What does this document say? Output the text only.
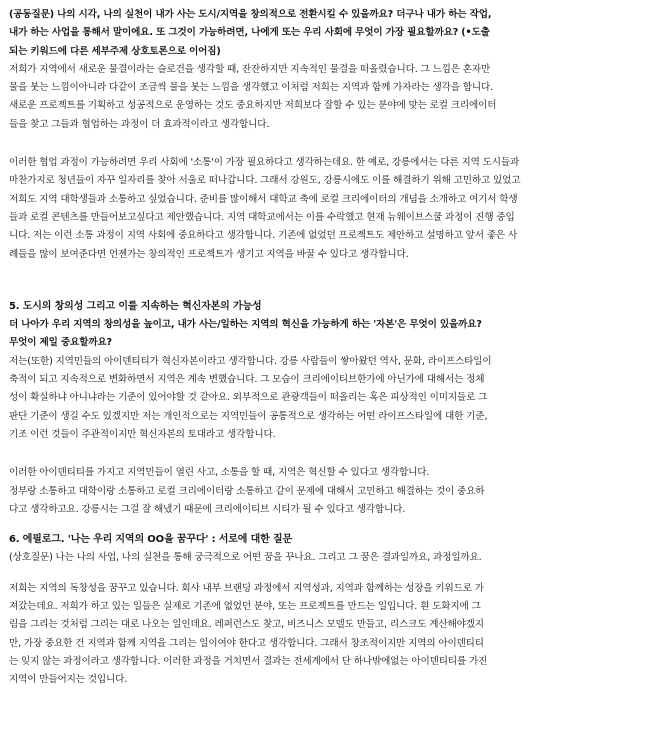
(공동질문) 나의 시각, 나의 실천이 내가 사는 도시/지역을 창의적으로 전환시킬 수 있을까요? 더구나 내가 하는 작업,
내가 하는 사업을 통해서 말이에요. 또 그것이 가능하려면, 나에게 또는 우리 사회에 무엇이 가장 필요할까요? (•도출
되는 키워드에 다른 세부주제 상호토론으로 이어짐)
저희가 지역에서 새로운 물결이라는 슬로건을 생각할 때, 잔잔하지만 지속적인 물결을 떠올렸습니다. 그 느낌은 혼자만
물을 붓는 느낌이아니라 다같이 조금씩 물을 붓는 느낌을 생각했고 이처럼 저희는 지역과 함께 가자라는 생각을 합니다.
새로운 프로젝트를 기획하고 성공적으로 운영하는 것도 중요하지만 저희보다 잘할 수 있는 분야에 맞는 로컬 크리에이터
들을 찾고 그들과 협업하는 과정이 더 효과적이라고 생각합니다.
이러한 협업 과정이 가능하려면 우리 사회에 '소통'이 가장 필요하다고 생각하는데요. 한 예로, 강릉에서는 다른 지역 도시들과
마찬가지로 청년들이 자꾸 일자리를 찾아 서울로 떠나갑니다. 그래서 강원도, 강릉시에도 이를 해결하기 위해 고민하고 있었고
저희도 지역 대학생들과 소통하고 싶었습니다. 준비를 많이해서 대학교 축에 로컬 크리에이터의 개념을 소개하고 여기서 학생
들과 로컬 콘텐츠를 만들어보고싶다고 제안했습니다. 지역 대학교에서는 이를 수락했고 현재 뉴웨이브스쿨 과정이 진행 중입
니다. 저는 이런 소통 과정이 지역 사회에 중요하다고 생각합니다. 기존에 없었던 프로젝트도 제안하고 설명하고 앞서 좋은 사
례들을 많이 보여준다면 언젠가는 창의적인 프로젝트가 생기고 지역을 바꿀 수 있다고 생각합니다.
5. 도시의 창의성 그리고 이를 지속하는 혁신자본의 가능성
더 나아가 우리 지역의 창의성을 높이고, 내가 사는/일하는 지역의 혁신을 가능하게 하는 '자본'은 무엇이 있을까요?
무엇이 제일 중요할까요?
저는(또한) 지역민들의 아이덴티티가 혁신자본이라고 생각합니다. 강릉 사람들이 쌓아왔던 역사, 문화, 라이프스타일이
축적이 되고 지속적으로 변화하면서 지역은 계속 변했습니다. 그 모습이 크리에이티브한가에 아닌가에 대해서는 정체
성이 확실하냐 아니냐라는 기준이 있어야할 것 같아요. 외부적으로 관광객들이 떠올리는 혹은 피상적인 이미지들로 그
판단 기준이 생길 수도 있겠지만 저는 개인적으로는 지역민들이 공통적으로 생각하는 어떤 라이프스타일에 대한 기준,
기조 이런 것들이 주관적이지만 혁신자본의 토대라고 생각합니다.
이러한 아이덴티티를 가지고 지역민들이 열린 사고, 소통을 할 때, 지역은 혁신할 수 있다고 생각합니다.
정부랑 소통하고 대학이랑 소통하고 로컬 크리에이터랑 소통하고 같이 문제에 대해서 고민하고 해결하는 것이 중요하
다고 생각하고요. 강릉시는 그걸 잘 해냈기 때문에 크리에이티브 시티가 될 수 있다고 생각합니다.
6. 에필로그. '나는 우리 지역의 OO을 꿈꾸다' : 서로에 대한 질문
(상호질문) 나는 나의 사업, 나의 실천을 통해 궁극적으로 어떤 꿈을 꾸나요. 그리고 그 꿈은 결과일까요, 과정일까요.
저희는 지역의 독창성을 꿈꾸고 있습니다. 회사 내부 브랜딩 과정에서 지역성과, 지역과 함께하는 성장을 키워드로 가
져갔는데요. 저희가 하고 있는 일들은 실제로 기존에 없었던 분야, 또는 프로젝트를 만드는 일입니다. 흰 도화지에 그
림을 그리는 것처럼 그리는 대로 나오는 일인데요. 레퍼런스도 찾고, 비즈니스 모델도 만들고, 리스크도 계산해야겠지
만, 가장 중요한 건 지역과 함께 지역을 그리는 일이여야 한다고 생각합니다. 그래서 창조적이지만 지역의 아이덴티티
는 잊지 않는 과정이라고 생각합니다. 이러한 과정을 거치면서 결과는 전세계에서 단 하나밖에없는 아이덴티티를 가진
지역이 만들어지는 것입니다.
